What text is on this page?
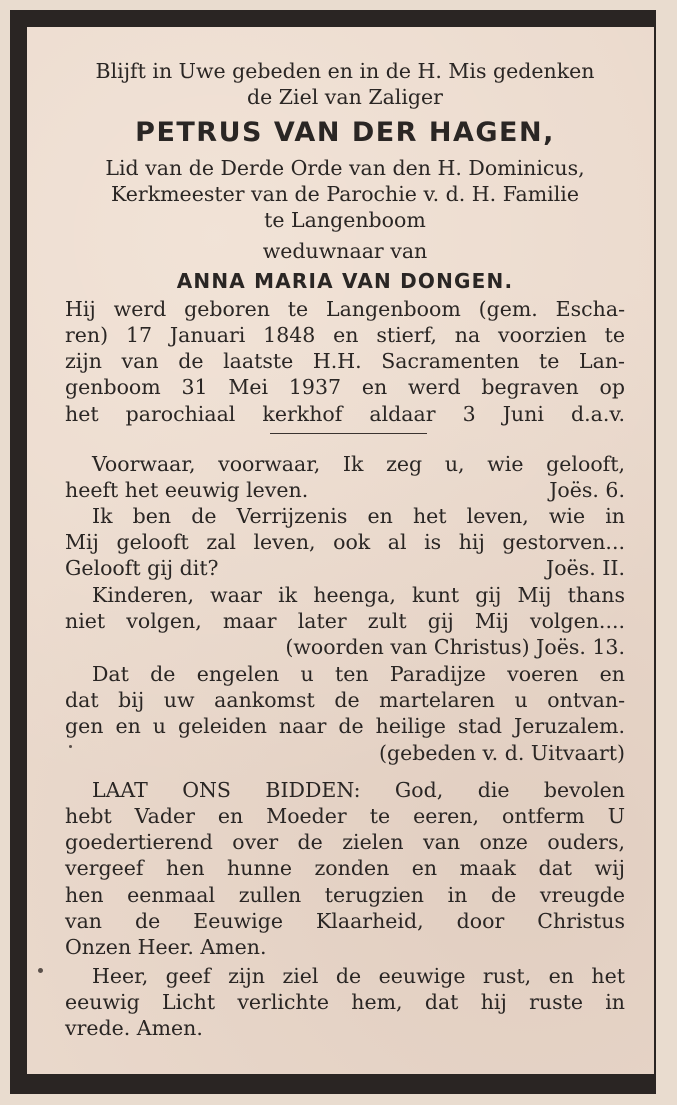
Blijft in Uwe gebeden en in de H. Mis gedenken
de Ziel van Zaliger
PETRUS VAN DER HAGEN,
Lid van de Derde Orde van den H. Dominicus,
Kerkmeester van de Parochie v. d. H. Familie
te Langenboom
weduwnaar van
ANNA MARIA VAN DONGEN.
Hij werd geboren te Langenboom (gem. Escha-
ren) 17 Januari 1848 en stierf, na voorzien te
zijn van de laatste H.H. Sacramenten te Lan-
genboom 31 Mei 1937 en werd begraven op
het parochiaal kerkhof aldaar 3 Juni d.a.v.
Voorwaar, voorwaar, Ik zeg u, wie gelooft,
heeft het eeuwig leven.	Joës. 6.
Ik ben de Verrijzenis en het leven, wie in
Mij gelooft zal leven, ook al is hij gestorven...
Gelooft gij dit?	Joës. II.
Kinderen, waar ik heenga, kunt gij Mij thans
niet volgen, maar later zult gij Mij volgen....
(woorden van Christus) Joës. 13.
Dat de engelen u ten Paradijze voeren en
dat bij uw aankomst de martelaren u ontvan-
gen en u geleiden naar de heilige stad Jeruzalem.
(gebeden v. d. Uitvaart)
LAAT ONS BIDDEN: God, die bevolen
hebt Vader en Moeder te eeren, ontferm U
goedertierend over de zielen van onze ouders,
vergeef hen hunne zonden en maak dat wij
hen eenmaal zullen terugzien in de vreugde
van de Eeuwige Klaarheid, door Christus
Onzen Heer. Amen.
Heer, geef zijn ziel de eeuwige rust, en het
eeuwig Licht verlichte hem, dat hij ruste in
vrede. Amen.
